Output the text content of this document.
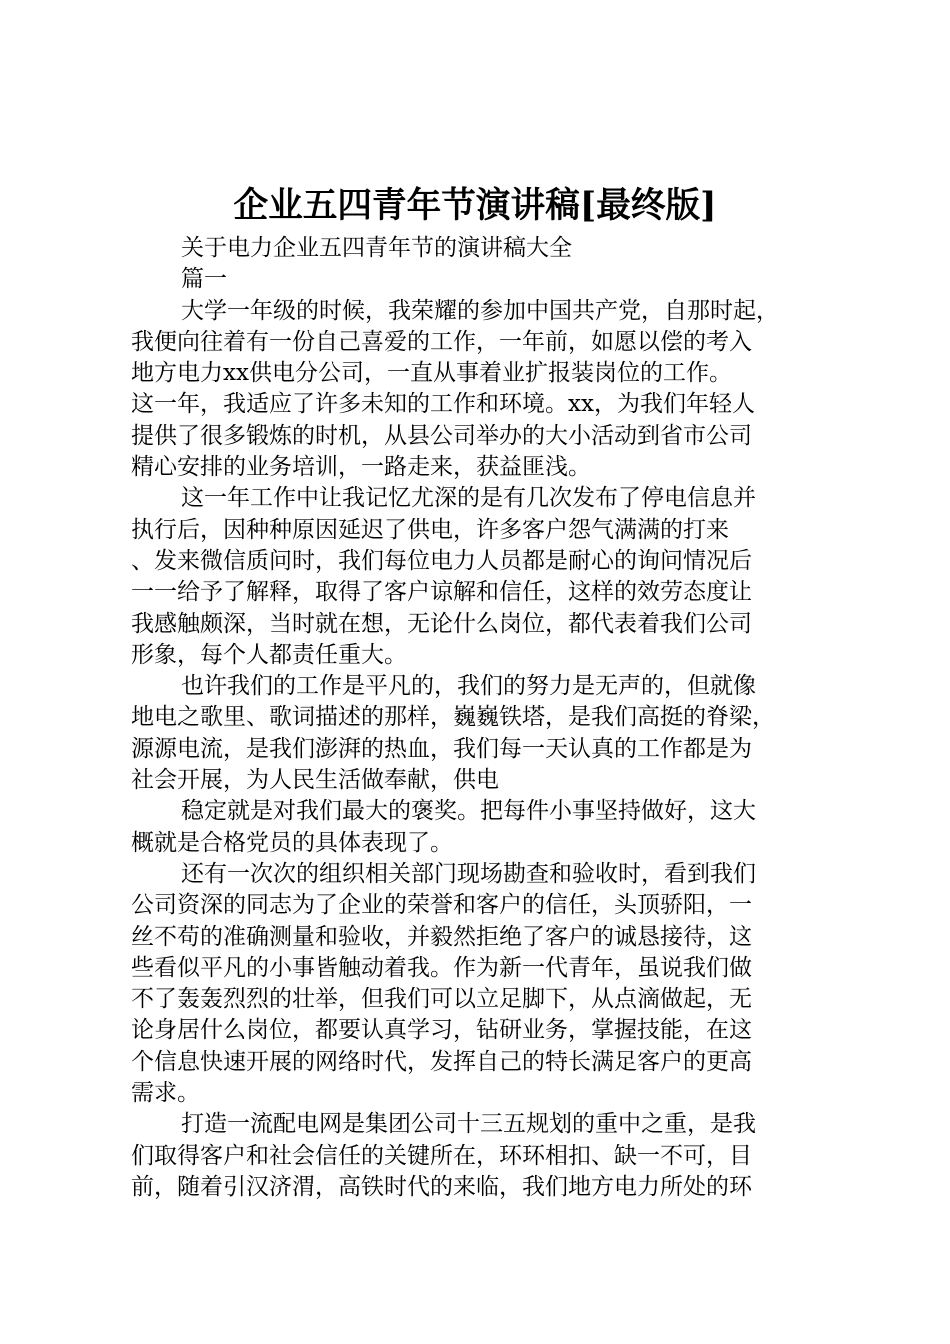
企业五四青年节演讲稿[最终版]
关于电力企业五四青年节的演讲稿大全
篇一
大学一年级的时候，我荣耀的参加中国共产党，自那时起，
我便向往着有一份自己喜爱的工作，一年前，如愿以偿的考入
地方电力xx供电分公司，一直从事着业扩报装岗位的工作。
这一年，我适应了许多未知的工作和环境。xx，为我们年轻人
提供了很多锻炼的时机，从县公司举办的大小活动到省市公司
精心安排的业务培训，一路走来，获益匪浅。
这一年工作中让我记忆尤深的是有几次发布了停电信息并
执行后，因种种原因延迟了供电，许多客户怨气满满的打来
、发来微信质问时，我们每位电力人员都是耐心的询问情况后
一一给予了解释，取得了客户谅解和信任，这样的效劳态度让
我感触颇深，当时就在想，无论什么岗位，都代表着我们公司
形象，每个人都责任重大。
也许我们的工作是平凡的，我们的努力是无声的，但就像
地电之歌里、歌词描述的那样，巍巍铁塔，是我们高挺的脊梁，
源源电流，是我们澎湃的热血，我们每一天认真的工作都是为
社会开展，为人民生活做奉献，供电
稳定就是对我们最大的褒奖。把每件小事坚持做好，这大
概就是合格党员的具体表现了。
还有一次次的组织相关部门现场勘查和验收时，看到我们
公司资深的同志为了企业的荣誉和客户的信任，头顶骄阳，一
丝不苟的准确测量和验收，并毅然拒绝了客户的诚恳接待，这
些看似平凡的小事皆触动着我。作为新一代青年，虽说我们做
不了轰轰烈烈的壮举，但我们可以立足脚下，从点滴做起，无
论身居什么岗位，都要认真学习，钻研业务，掌握技能，在这
个信息快速开展的网络时代，发挥自己的特长满足客户的更高
需求。
打造一流配电网是集团公司十三五规划的重中之重，是我
们取得客户和社会信任的关键所在，环环相扣、缺一不可，目
前，随着引汉济渭，高铁时代的来临，我们地方电力所处的环
